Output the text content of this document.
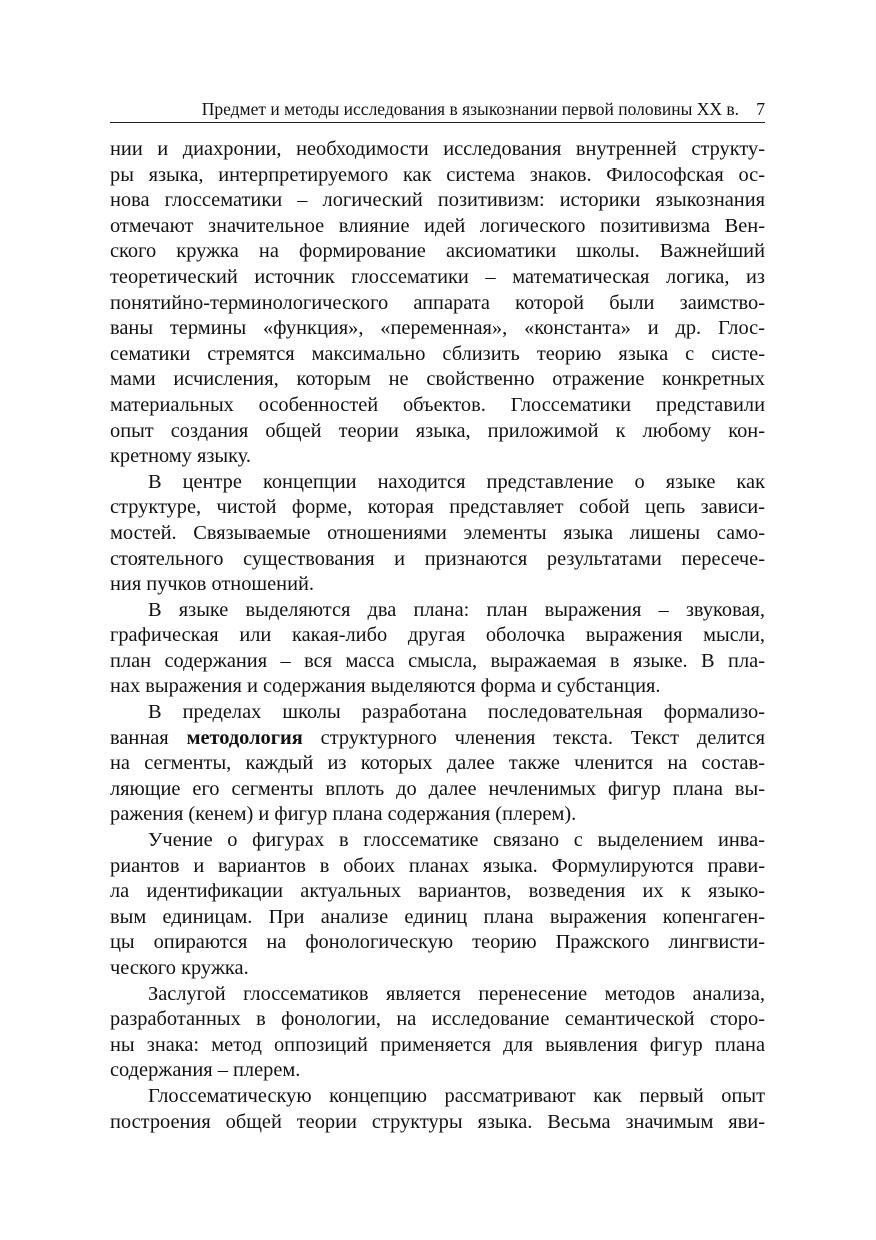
Предмет и методы исследования в языкознании первой половины XX в. 7

нии и диахронии, необходимости исследования внутренней структу-
ры языка, интерпретируемого как система знаков. Философская ос-
нова глоссематики – логический позитивизм: историки языкознания
отмечают значительное влияние идей логического позитивизма Вен-
ского кружка на формирование аксиоматики школы. Важнейший
теоретический источник глоссематики – математическая логика, из
понятийно-терминологического аппарата которой были заимство-
ваны термины «функция», «переменная», «константа» и др. Глос-
сематики стремятся максимально сблизить теорию языка с систе-
мами исчисления, которым не свойственно отражение конкретных
материальных особенностей объектов. Глоссематики представили
опыт создания общей теории языка, приложимой к любому кон-
кретному языку.

В центре концепции находится представление о языке как
структуре, чистой форме, которая представляет собой цепь зависи-
мостей. Связываемые отношениями элементы языка лишены само-
стоятельного существования и признаются результатами пересече-
ния пучков отношений.

В языке выделяются два плана: план выражения – звуковая,
графическая или какая-либо другая оболочка выражения мысли,
план содержания – вся масса смысла, выражаемая в языке. В пла-
нах выражения и содержания выделяются форма и субстанция.

В пределах школы разработана последовательная формализо-
ванная методология структурного членения текста. Текст делится
на сегменты, каждый из которых далее также членится на состав-
ляющие его сегменты вплоть до далее нечленимых фигур плана вы-
ражения (кенем) и фигур плана содержания (плерем).

Учение о фигурах в глоссематике связано с выделением инва-
риантов и вариантов в обоих планах языка. Формулируются прави-
ла идентификации актуальных вариантов, возведения их к языко-
вым единицам. При анализе единиц плана выражения копенгаген-
цы опираются на фонологическую теорию Пражского лингвисти-
ческого кружка.

Заслугой глоссематиков является перенесение методов анализа,
разработанных в фонологии, на исследование семантической сторо-
ны знака: метод оппозиций применяется для выявления фигур плана
содержания – плерем.

Глоссематическую концепцию рассматривают как первый опыт
построения общей теории структуры языка. Весьма значимым яви-
